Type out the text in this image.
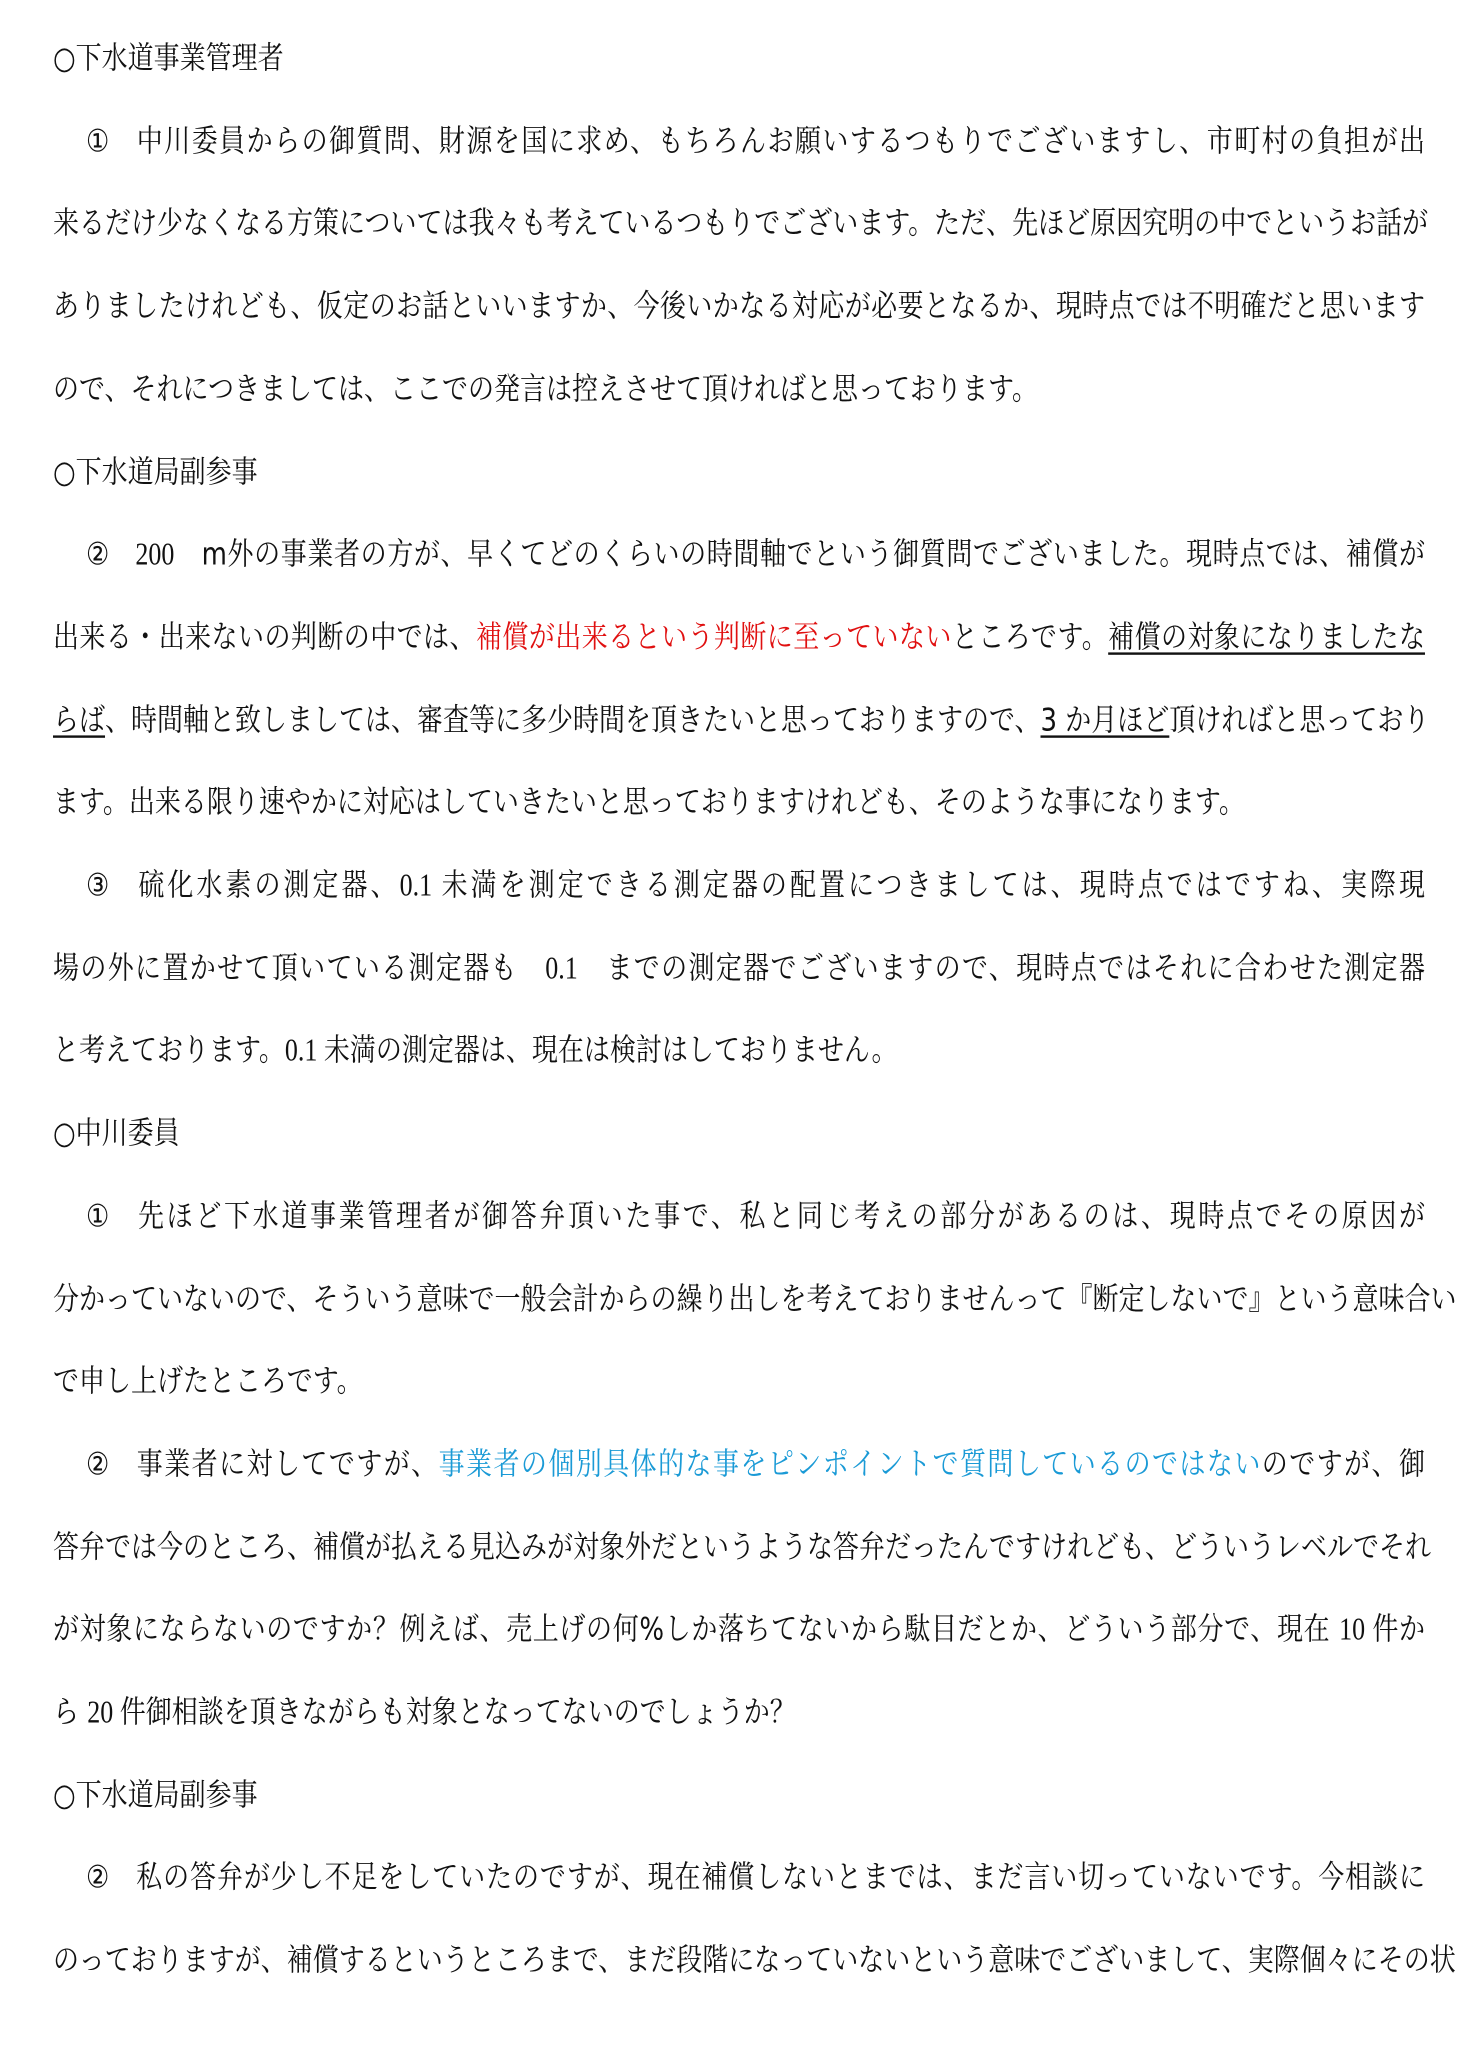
○下水道事業管理者
① 中川委員からの御質問、財源を国に求め、もちろんお願いするつもりでございますし、市町村の負担が出
来るだけ少なくなる方策については我々も考えているつもりでございます。ただ、先ほど原因究明の中でというお話が
ありましたけれども、仮定のお話といいますか、今後いかなる対応が必要となるか、現時点では不明確だと思います
ので、それにつきましては、ここでの発言は控えさせて頂ければと思っております。
○下水道局副参事
② 200　m外の事業者の方が、早くてどのくらいの時間軸でという御質問でございました。現時点では、補償が
出来る・出来ないの判断の中では、補償が出来るという判断に至っていないところです。補償の対象になりましたな
らば、時間軸と致しましては、審査等に多少時間を頂きたいと思っておりますので、3 か月ほど頂ければと思っており
ます。出来る限り速やかに対応はしていきたいと思っておりますけれども、そのような事になります。
③ 硫化水素の測定器、0.1 未満を測定できる測定器の配置につきましては、現時点ではですね、実際現
場の外に置かせて頂いている測定器も　0.1　までの測定器でございますので、現時点ではそれに合わせた測定器
と考えております。0.1 未満の測定器は、現在は検討はしておりません。
○中川委員
① 先ほど下水道事業管理者が御答弁頂いた事で、私と同じ考えの部分があるのは、現時点でその原因が
分かっていないので、そういう意味で一般会計からの繰り出しを考えておりませんって『断定しないで』という意味合い
で申し上げたところです。
② 事業者に対してですが、事業者の個別具体的な事をピンポイントで質問しているのではないのですが、御
答弁では今のところ、補償が払える見込みが対象外だというような答弁だったんですけれども、どういうレベルでそれ
が対象にならないのですか？例えば、売上げの何%しか落ちてないから駄目だとか、どういう部分で、現在 10 件か
ら 20 件御相談を頂きながらも対象となってないのでしょうか？
○下水道局副参事
② 私の答弁が少し不足をしていたのですが、現在補償しないとまでは、まだ言い切っていないです。今相談に
のっておりますが、補償するというところまで、まだ段階になっていないという意味でございまして、実際個々にその状
